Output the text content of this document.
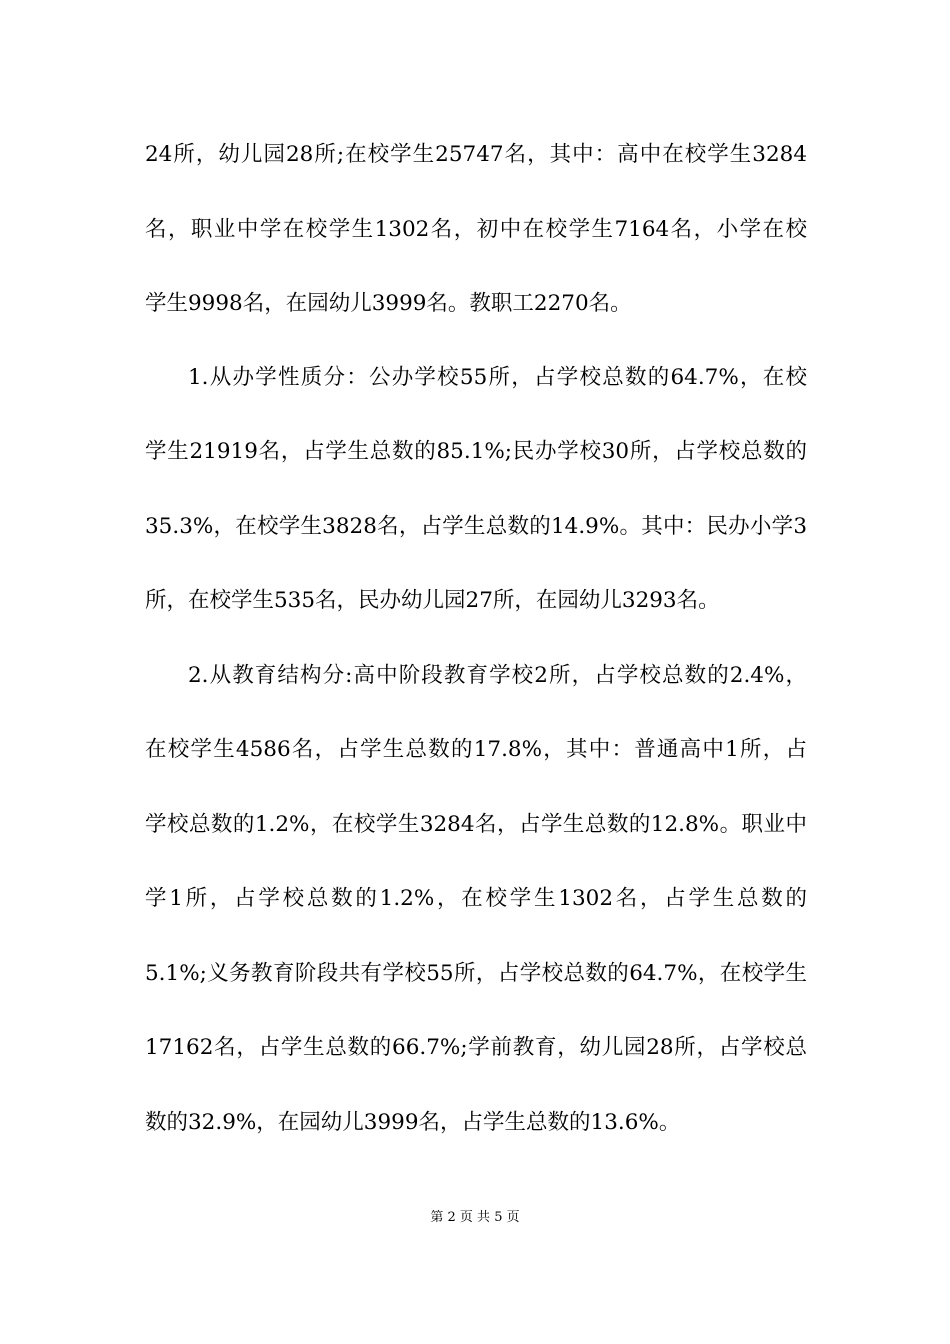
24所，幼儿园28所;在校学生25747名，其中：高中在校学生3284
名，职业中学在校学生1302名，初中在校学生7164名，小学在校
学生9998名，在园幼儿3999名。教职工2270名。
1.从办学性质分：公办学校55所，占学校总数的64.7%，在校
学生21919名，占学生总数的85.1%;民办学校30所，占学校总数的
35.3%，在校学生3828名，占学生总数的14.9%。其中：民办小学3
所，在校学生535名，民办幼儿园27所，在园幼儿3293名。
2.从教育结构分:高中阶段教育学校2所，占学校总数的2.4%，
在校学生4586名，占学生总数的17.8%，其中：普通高中1所，占
学校总数的1.2%，在校学生3284名，占学生总数的12.8%。职业中
学1所，占学校总数的1.2%，在校学生1302名，占学生总数的
5.1%;义务教育阶段共有学校55所，占学校总数的64.7%，在校学生
17162名，占学生总数的66.7%;学前教育，幼儿园28所，占学校总
数的32.9%，在园幼儿3999名，占学生总数的13.6%。
第 2 页 共 5 页
